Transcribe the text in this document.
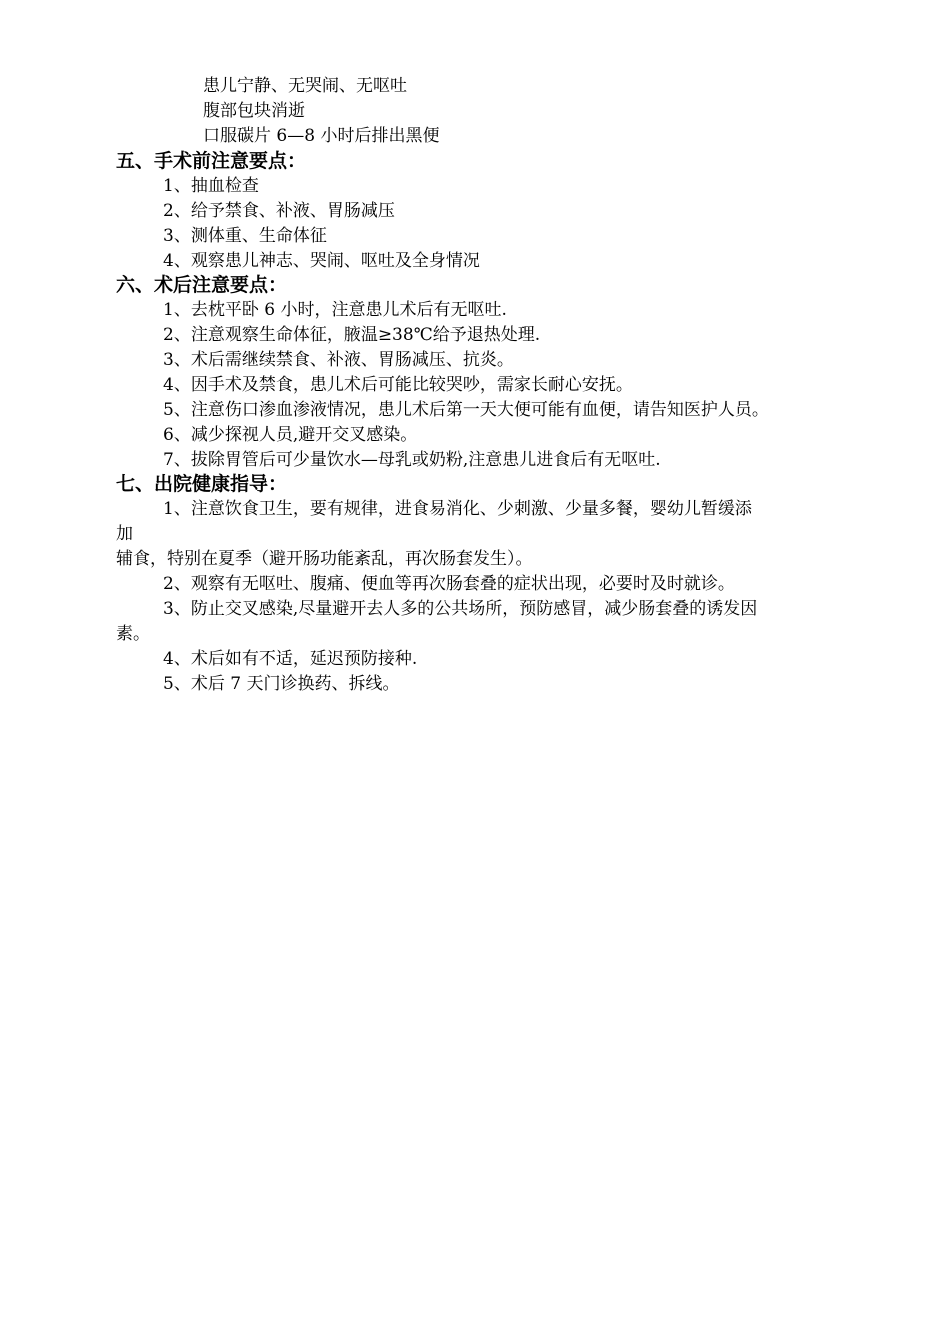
患儿宁静、无哭闹、无呕吐
腹部包块消逝
口服碳片 6—8 小时后排出黑便
五、手术前注意要点：
1、抽血检查
2、给予禁食、补液、胃肠减压
3、测体重、生命体征
4、观察患儿神志、哭闹、呕吐及全身情况
六、术后注意要点：
1、去枕平卧 6 小时，注意患儿术后有无呕吐.
2、注意观察生命体征，腋温≥38℃给予退热处理.
3、术后需继续禁食、补液、胃肠减压、抗炎。
4、因手术及禁食，患儿术后可能比较哭吵，需家长耐心安抚。
5、注意伤口渗血渗液情况，患儿术后第一天大便可能有血便，请告知医护人员。
6、减少探视人员,避开交叉感染。
7、拔除胃管后可少量饮水—母乳或奶粉,注意患儿进食后有无呕吐.
七、出院健康指导：
1、注意饮食卫生，要有规律，进食易消化、少刺激、少量多餐，婴幼儿暂缓添
加
辅食，特别在夏季（避开肠功能紊乱，再次肠套发生）。
2、观察有无呕吐、腹痛、便血等再次肠套叠的症状出现，必要时及时就诊。
3、防止交叉感染,尽量避开去人多的公共场所，预防感冒，减少肠套叠的诱发因
素。
4、术后如有不适，延迟预防接种.
5、术后 7 天门诊换药、拆线。
